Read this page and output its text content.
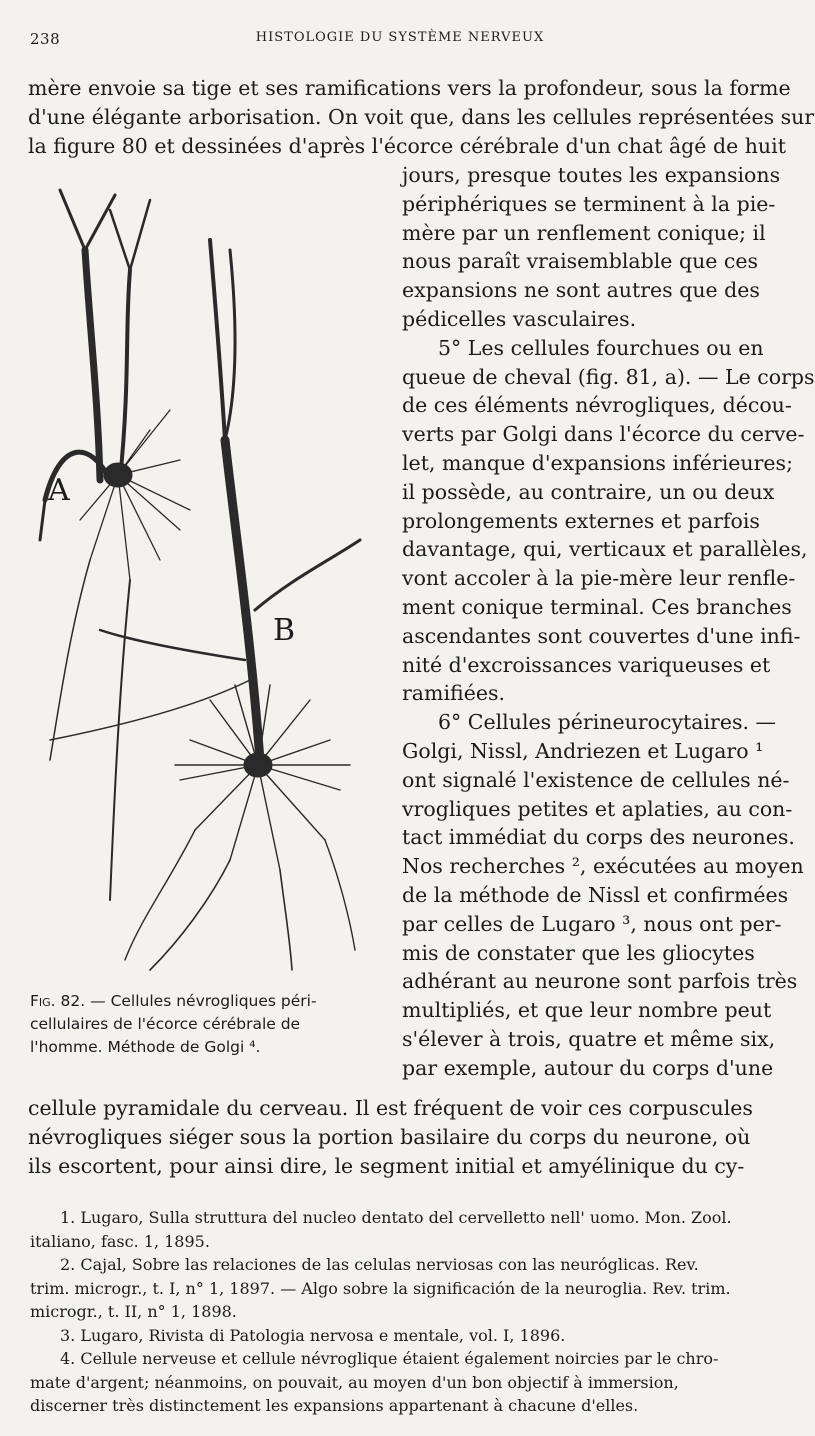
238	HISTOLOGIE DU SYSTÈME NERVEUX
mère envoie sa tige et ses ramifications vers la profondeur, sous la forme
d'une élégante arborisation. On voit que, dans les cellules représentées sur
la figure 80 et dessinées d'après l'écorce cérébrale d'un chat âgé de huit
A
B
jours, presque toutes les expansions
périphériques se terminent à la pie-
mère par un renflement conique; il
nous paraît vraisemblable que ces
expansions ne sont autres que des
pédicelles vasculaires.
5° Les cellules fourchues ou en
queue de cheval (fig. 81, a). — Le corps
de ces éléments névrogliques, décou-
verts par Golgi dans l'écorce du cerve-
let, manque d'expansions inférieures;
il possède, au contraire, un ou deux
prolongements externes et parfois
davantage, qui, verticaux et parallèles,
vont accoler à la pie-mère leur renfle-
ment conique terminal. Ces branches
ascendantes sont couvertes d'une infi-
nité d'excroissances variqueuses et
ramifiées.
6° Cellules périneurocytaires. —
Golgi, Nissl, Andriezen et Lugaro ¹
ont signalé l'existence de cellules né-
vrogliques petites et aplaties, au con-
tact immédiat du corps des neurones.
Nos recherches ², exécutées au moyen
de la méthode de Nissl et confirmées
par celles de Lugaro ³, nous ont per-
mis de constater que les gliocytes
adhérant au neurone sont parfois très
multipliés, et que leur nombre peut
s'élever à trois, quatre et même six,
par exemple, autour du corps d'une
Fig. 82. — Cellules névrogliques péri-
cellulaires de l'écorce cérébrale de
l'homme. Méthode de Golgi ⁴.
cellule pyramidale du cerveau. Il est fréquent de voir ces corpuscules
névrogliques siéger sous la portion basilaire du corps du neurone, où
ils escortent, pour ainsi dire, le segment initial et amyélinique du cy-
1. Lugaro, Sulla struttura del nucleo dentato del cervelletto nell' uomo. Mon. Zool.
italiano, fasc. 1, 1895.
2. Cajal, Sobre las relaciones de las celulas nerviosas con las neuróglicas. Rev.
trim. microgr., t. I, n° 1, 1897. — Algo sobre la significación de la neuroglia. Rev. trim.
microgr., t. II, n° 1, 1898.
3. Lugaro, Rivista di Patologia nervosa e mentale, vol. I, 1896.
4. Cellule nerveuse et cellule névroglique étaient également noircies par le chro-
mate d'argent; néanmoins, on pouvait, au moyen d'un bon objectif à immersion,
discerner très distinctement les expansions appartenant à chacune d'elles.
